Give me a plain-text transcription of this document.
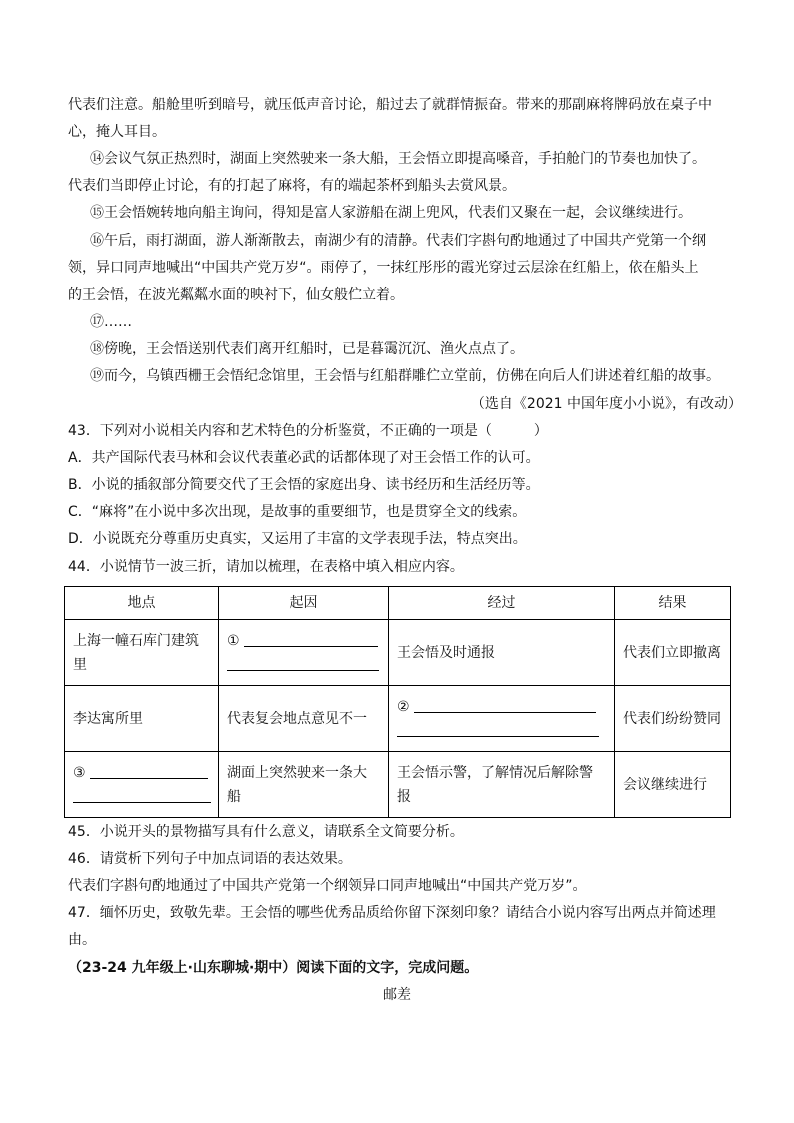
代表们注意。船舱里听到暗号，就压低声音讨论，船过去了就群情振奋。带来的那副麻将牌码放在桌子中
心，掩人耳目。
⑭会议气氛正热烈时，湖面上突然驶来一条大船，王会悟立即提高嗓音，手拍舱门的节奏也加快了。
代表们当即停止讨论，有的打起了麻将，有的端起茶杯到船头去赏风景。
⑮王会悟婉转地向船主询问，得知是富人家游船在湖上兜风，代表们又聚在一起，会议继续进行。
⑯午后，雨打湖面，游人渐渐散去，南湖少有的清静。代表们字斟句酌地通过了中国共产党第一个纲
领，异口同声地喊出“中国共产党万岁“。雨停了，一抹红彤彤的霞光穿过云层涂在红船上，依在船头上
的王会悟，在波光粼粼水面的映衬下，仙女般伫立着。
⑰……
⑱傍晚，王会悟送别代表们离开红船时，已是暮霭沉沉、渔火点点了。
⑲而今，乌镇西栅王会悟纪念馆里，王会悟与红船群雕伫立堂前，仿佛在向后人们讲述着红船的故事。
（选自《2021 中国年度小小说》，有改动）
43．下列对小说相关内容和艺术特色的分析鉴赏，不正确的一项是（　　　）
A．共产国际代表马林和会议代表董必武的话都体现了对王会悟工作的认可。
B．小说的插叙部分简要交代了王会悟的家庭出身、读书经历和生活经历等。
C．“麻将”在小说中多次出现，是故事的重要细节，也是贯穿全文的线索。
D．小说既充分尊重历史真实，又运用了丰富的文学表现手法，特点突出。
44．小说情节一波三折，请加以梳理，在表格中填入相应内容。
地点	起因	经过	结果
上海一幢石库门建筑里	①	王会悟及时通报	代表们立即撤离
李达寓所里	代表复会地点意见不一	②	代表们纷纷赞同

③	湖面上突然驶来一条大船	王会悟示警，了解情况后解除警报	会议继续进行
45．小说开头的景物描写具有什么意义，请联系全文简要分析。
46．请赏析下列句子中加点词语的表达效果。
代表们字斟句酌地通过了中国共产党第一个纲领异口同声地喊出“中国共产党万岁”。
47．缅怀历史，致敬先辈。王会悟的哪些优秀品质给你留下深刻印象？请结合小说内容写出两点并简述理
由。
（23-24 九年级上·山东聊城·期中）阅读下面的文字，完成问题。
邮差
